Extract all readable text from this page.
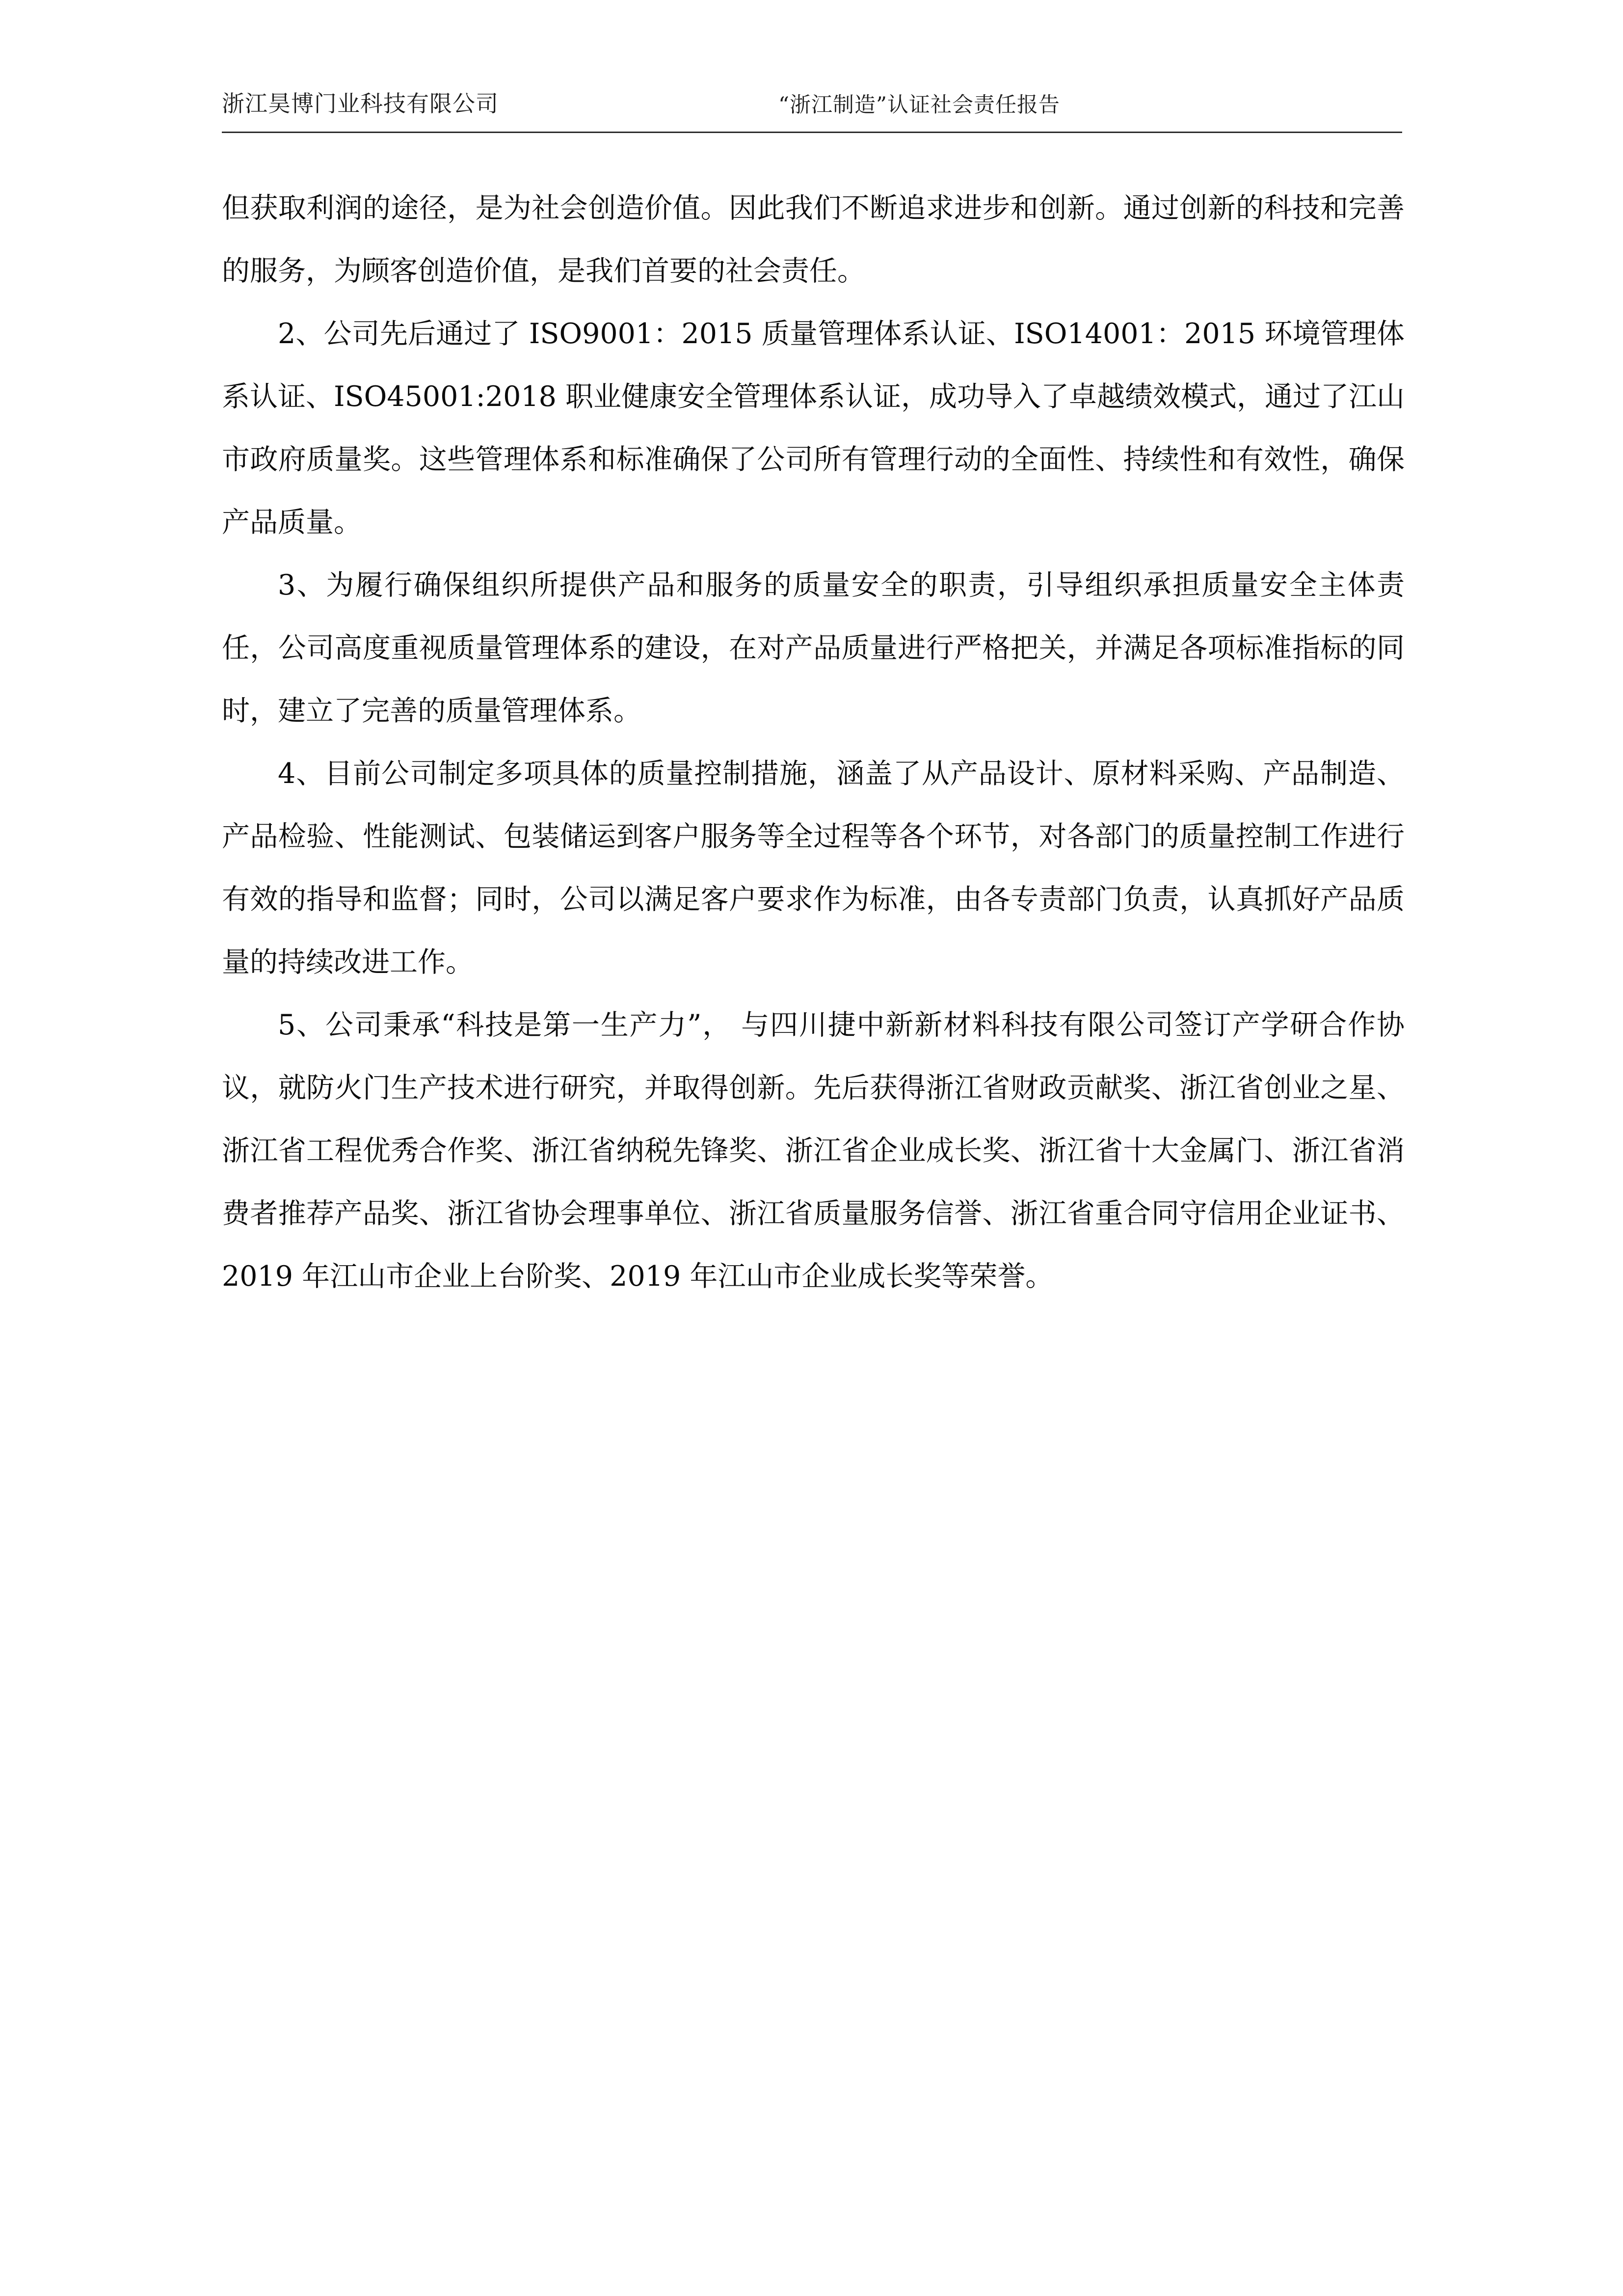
浙江昊博门业科技有限公司	“浙江制造”认证社会责任报告

但获取利润的途径，是为社会创造价值。因此我们不断追求进步和创新。通过创新的科技和完善的服务，为顾客创造价值，是我们首要的社会责任。

2、公司先后通过了 ISO9001：2015 质量管理体系认证、ISO14001：2015 环境管理体系认证、ISO45001:2018 职业健康安全管理体系认证，成功导入了卓越绩效模式，通过了江山市政府质量奖。这些管理体系和标准确保了公司所有管理行动的全面性、持续性和有效性，确保产品质量。

3、为履行确保组织所提供产品和服务的质量安全的职责，引导组织承担质量安全主体责任，公司高度重视质量管理体系的建设，在对产品质量进行严格把关，并满足各项标准指标的同时，建立了完善的质量管理体系。

4、目前公司制定多项具体的质量控制措施，涵盖了从产品设计、原材料采购、产品制造、产品检验、性能测试、包装储运到客户服务等全过程等各个环节，对各部门的质量控制工作进行有效的指导和监督；同时，公司以满足客户要求作为标准，由各专责部门负责，认真抓好产品质量的持续改进工作。

5、公司秉承“科技是第一生产力”， 与四川捷中新新材料科技有限公司签订产学研合作协议，就防火门生产技术进行研究，并取得创新。先后获得浙江省财政贡献奖、浙江省创业之星、浙江省工程优秀合作奖、浙江省纳税先锋奖、浙江省企业成长奖、浙江省十大金属门、浙江省消费者推荐产品奖、浙江省协会理事单位、浙江省质量服务信誉、浙江省重合同守信用企业证书、2019 年江山市企业上台阶奖、2019 年江山市企业成长奖等荣誉。
